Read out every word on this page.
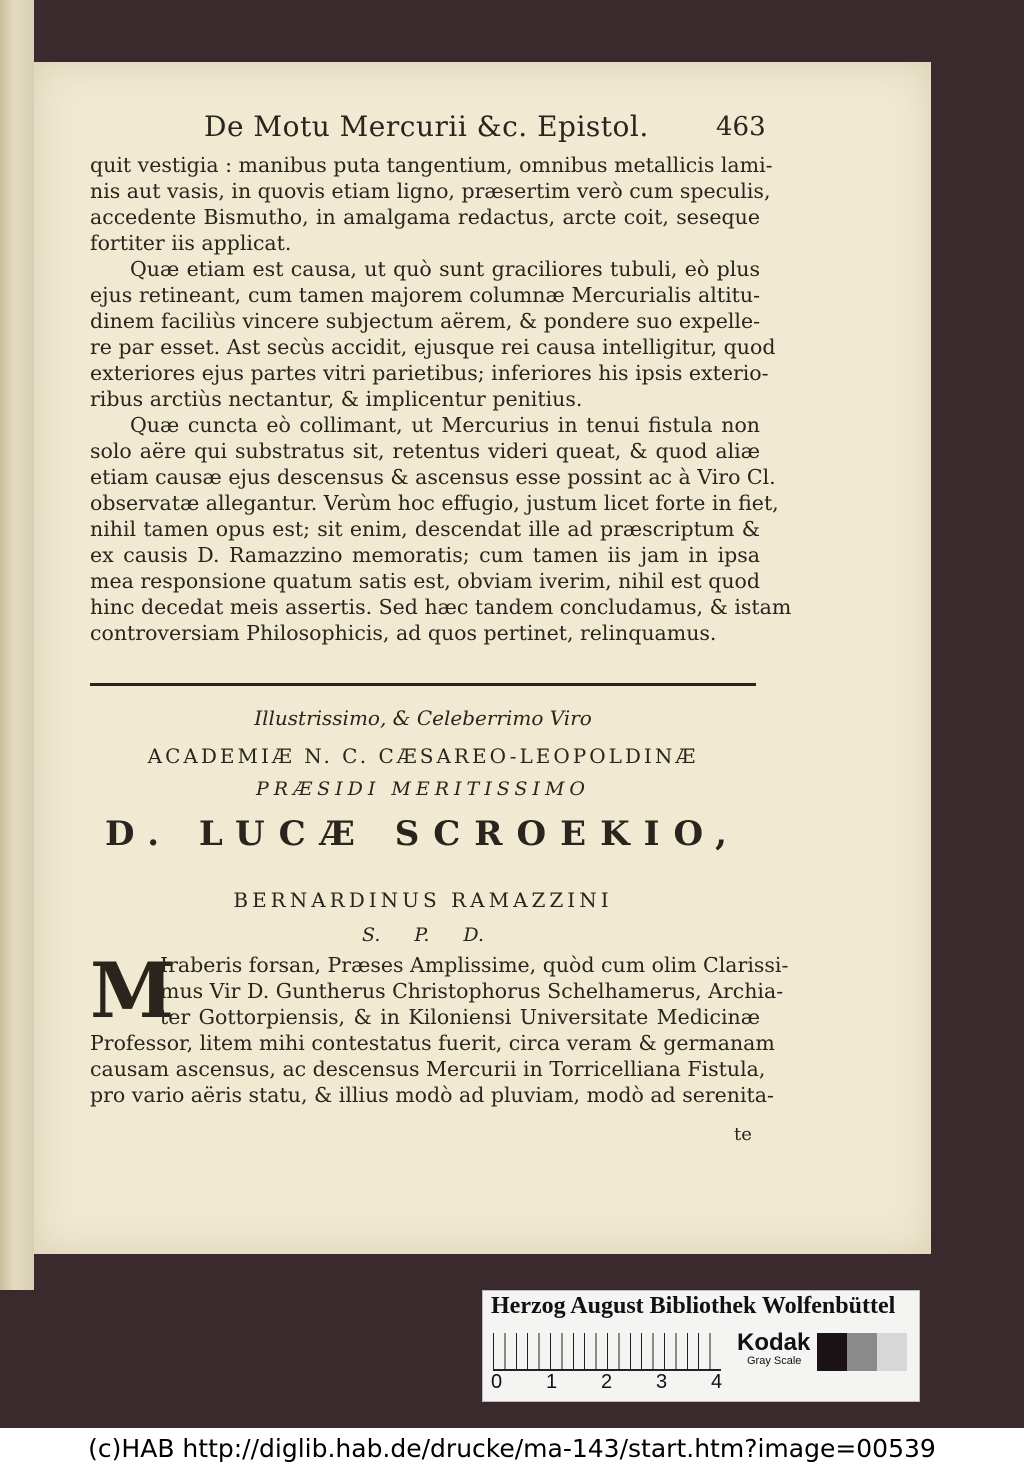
De Motu Mercurii &c. Epistol.	463
quit vestigia : manibus puta tangentium, omnibus metallicis lami-
nis aut vasis, in quovis etiam ligno, præsertim verò cum speculis,
accedente Bismutho, in amalgama redactus, arcte coit, seseque
fortiter iis applicat.
Quæ etiam est causa, ut quò sunt graciliores tubuli, eò plus
ejus retineant, cum tamen majorem columnæ Mercurialis altitu-
dinem faciliùs vincere subjectum aërem, & pondere suo expelle-
re par esset. Ast secùs accidit, ejusque rei causa intelligitur, quod
exteriores ejus partes vitri parietibus; inferiores his ipsis exterio-
ribus arctiùs nectantur, & implicentur penitius.
Quæ cuncta eò collimant, ut Mercurius in tenui fistula non
solo aëre qui substratus sit, retentus videri queat, & quod aliæ
etiam causæ ejus descensus & ascensus esse possint ac à Viro Cl.
observatæ allegantur. Verùm hoc effugio, justum licet forte in fiet,
nihil tamen opus est; sit enim, descendat ille ad præscriptum &
ex causis D. Ramazzino memoratis; cum tamen iis jam in ipsa
mea responsione quatum satis est, obviam iverim, nihil est quod
hinc decedat meis assertis. Sed hæc tandem concludamus, & istam
controversiam Philosophicis, ad quos pertinet, relinquamus.
Illustrissimo, & Celeberrimo Viro
ACADEMIÆ N. C. CÆSAREO-LEOPOLDINÆ
PRÆSIDI MERITISSIMO
D. LUCÆ SCROEKIO,
BERNARDINUS RAMAZZINI
S. P. D.
M
Iraberis forsan, Præses Amplissime, quòd cum olim Clarissi-
mus Vir D. Guntherus Christophorus Schelhamerus, Archia-
ter Gottorpiensis, & in Kiloniensi Universitate Medicinæ
Professor, litem mihi contestatus fuerit, circa veram & germanam
causam ascensus, ac descensus Mercurii in Torricelliana Fistula,
pro vario aëris statu, & illius modò ad pluviam, modò ad serenita-
te
Herzog August Bibliothek Wolfenbüttel
0 1 2 3 4
Kodak
Gray Scale
(c)HAB http://diglib.hab.de/drucke/ma-143/start.htm?image=00539
